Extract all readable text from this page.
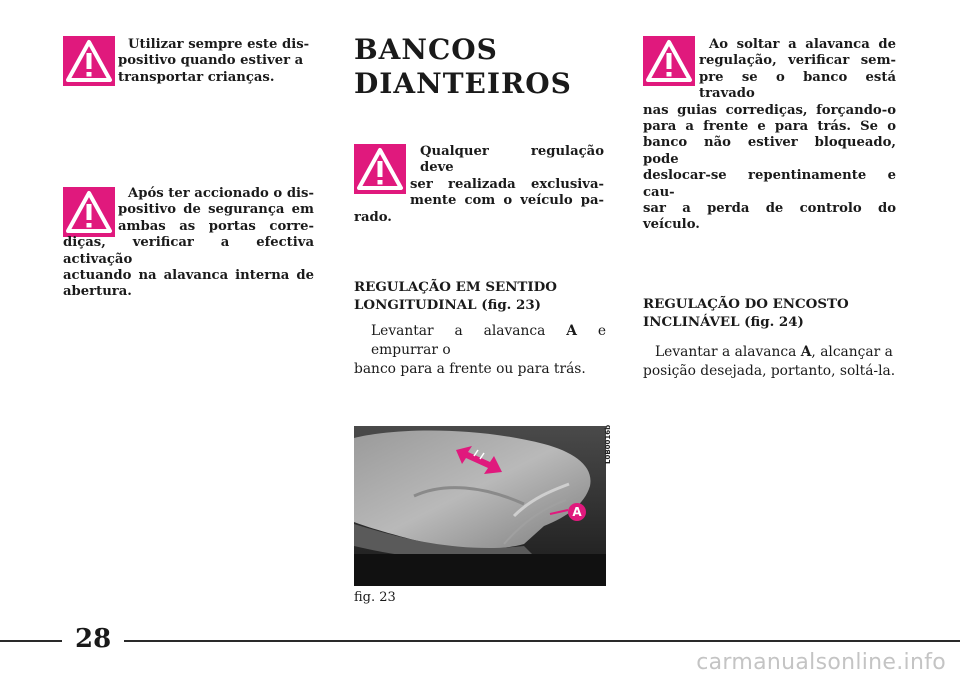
Utilizar sempre este dis-
positivo quando estiver a
transportar crianças.
Após ter accionado o dis-
positivo de segurança em
ambas as portas corre-
diças, verificar a efectiva activação
actuando na alavanca interna de
abertura.
BANCOS
DIANTEIROS
Qualquer regulação deve
ser realizada exclusiva-
mente com o veículo pa-
rado.
REGULAÇÃO EM SENTIDO
LONGITUDINAL (fig. 23)
Levantar a alavanca A e empurrar o
banco para a frente ou para trás.
A
L0B0016b
fig. 23
Ao soltar a alavanca de
regulação, verificar sem-
pre se o banco está travado
nas guias corrediças, forçando-o
para a frente e para trás. Se o
banco não estiver bloqueado, pode
deslocar-se repentinamente e cau-
sar a perda de controlo do veículo.
REGULAÇÃO DO ENCOSTO
INCLINÁVEL (fig. 24)
Levantar a alavanca A, alcançar a
posição desejada, portanto, soltá-la.
28
carmanualsonline.info
